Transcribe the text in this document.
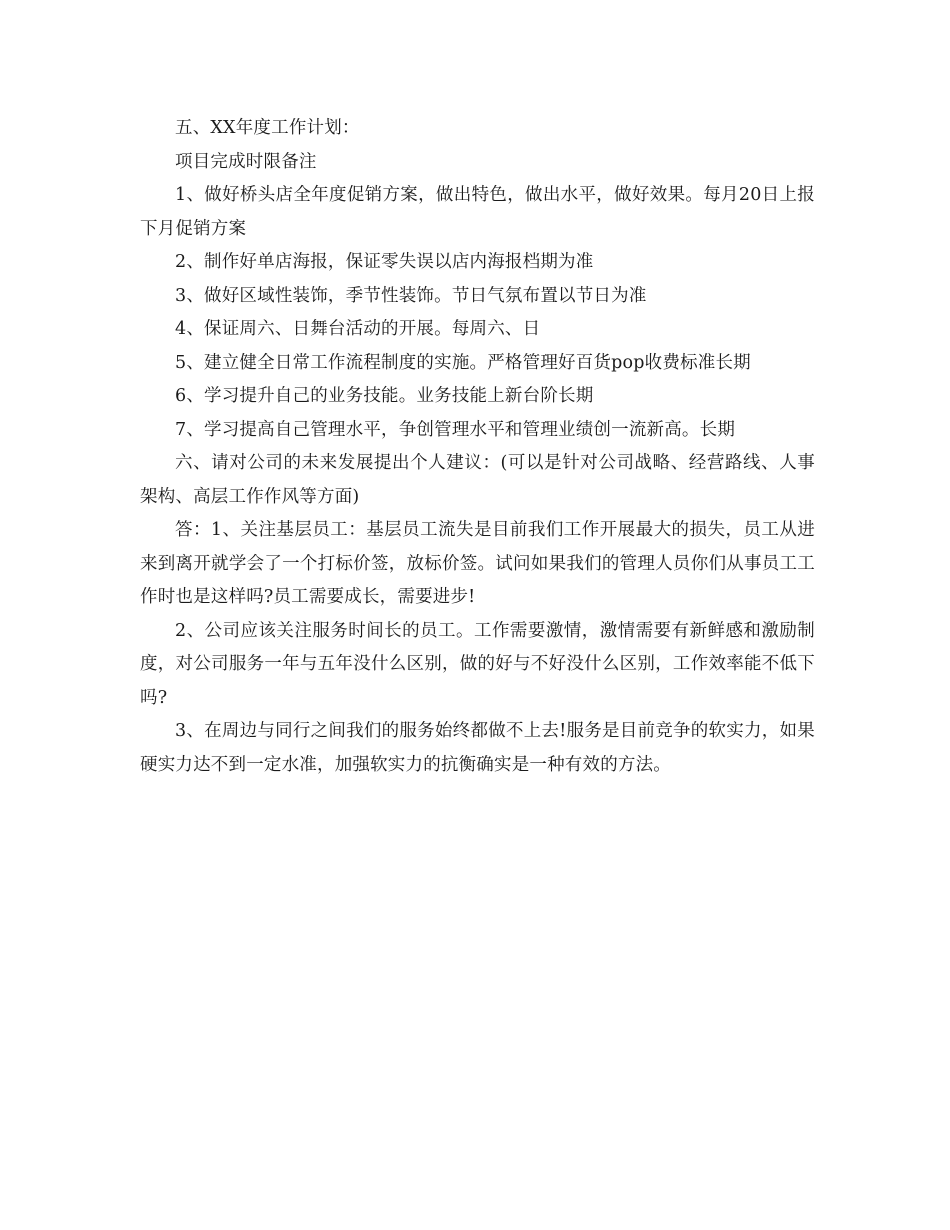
五、XX年度工作计划：

项目完成时限备注

1、做好桥头店全年度促销方案，做出特色，做出水平，做好效果。每月20日上报下月促销方案

2、制作好单店海报，保证零失误以店内海报档期为准

3、做好区域性装饰，季节性装饰。节日气氛布置以节日为准

4、保证周六、日舞台活动的开展。每周六、日

5、建立健全日常工作流程制度的实施。严格管理好百货pop收费标准长期

6、学习提升自己的业务技能。业务技能上新台阶长期

7、学习提高自己管理水平，争创管理水平和管理业绩创一流新高。长期

六、请对公司的未来发展提出个人建议：(可以是针对公司战略、经营路线、人事架构、高层工作作风等方面)

答：1、关注基层员工：基层员工流失是目前我们工作开展最大的损失，员工从进来到离开就学会了一个打标价签，放标价签。试问如果我们的管理人员你们从事员工工作时也是这样吗?员工需要成长，需要进步!

2、公司应该关注服务时间长的员工。工作需要激情，激情需要有新鲜感和激励制度，对公司服务一年与五年没什么区别，做的好与不好没什么区别，工作效率能不低下吗?

3、在周边与同行之间我们的服务始终都做不上去!服务是目前竞争的软实力，如果硬实力达不到一定水准，加强软实力的抗衡确实是一种有效的方法。
